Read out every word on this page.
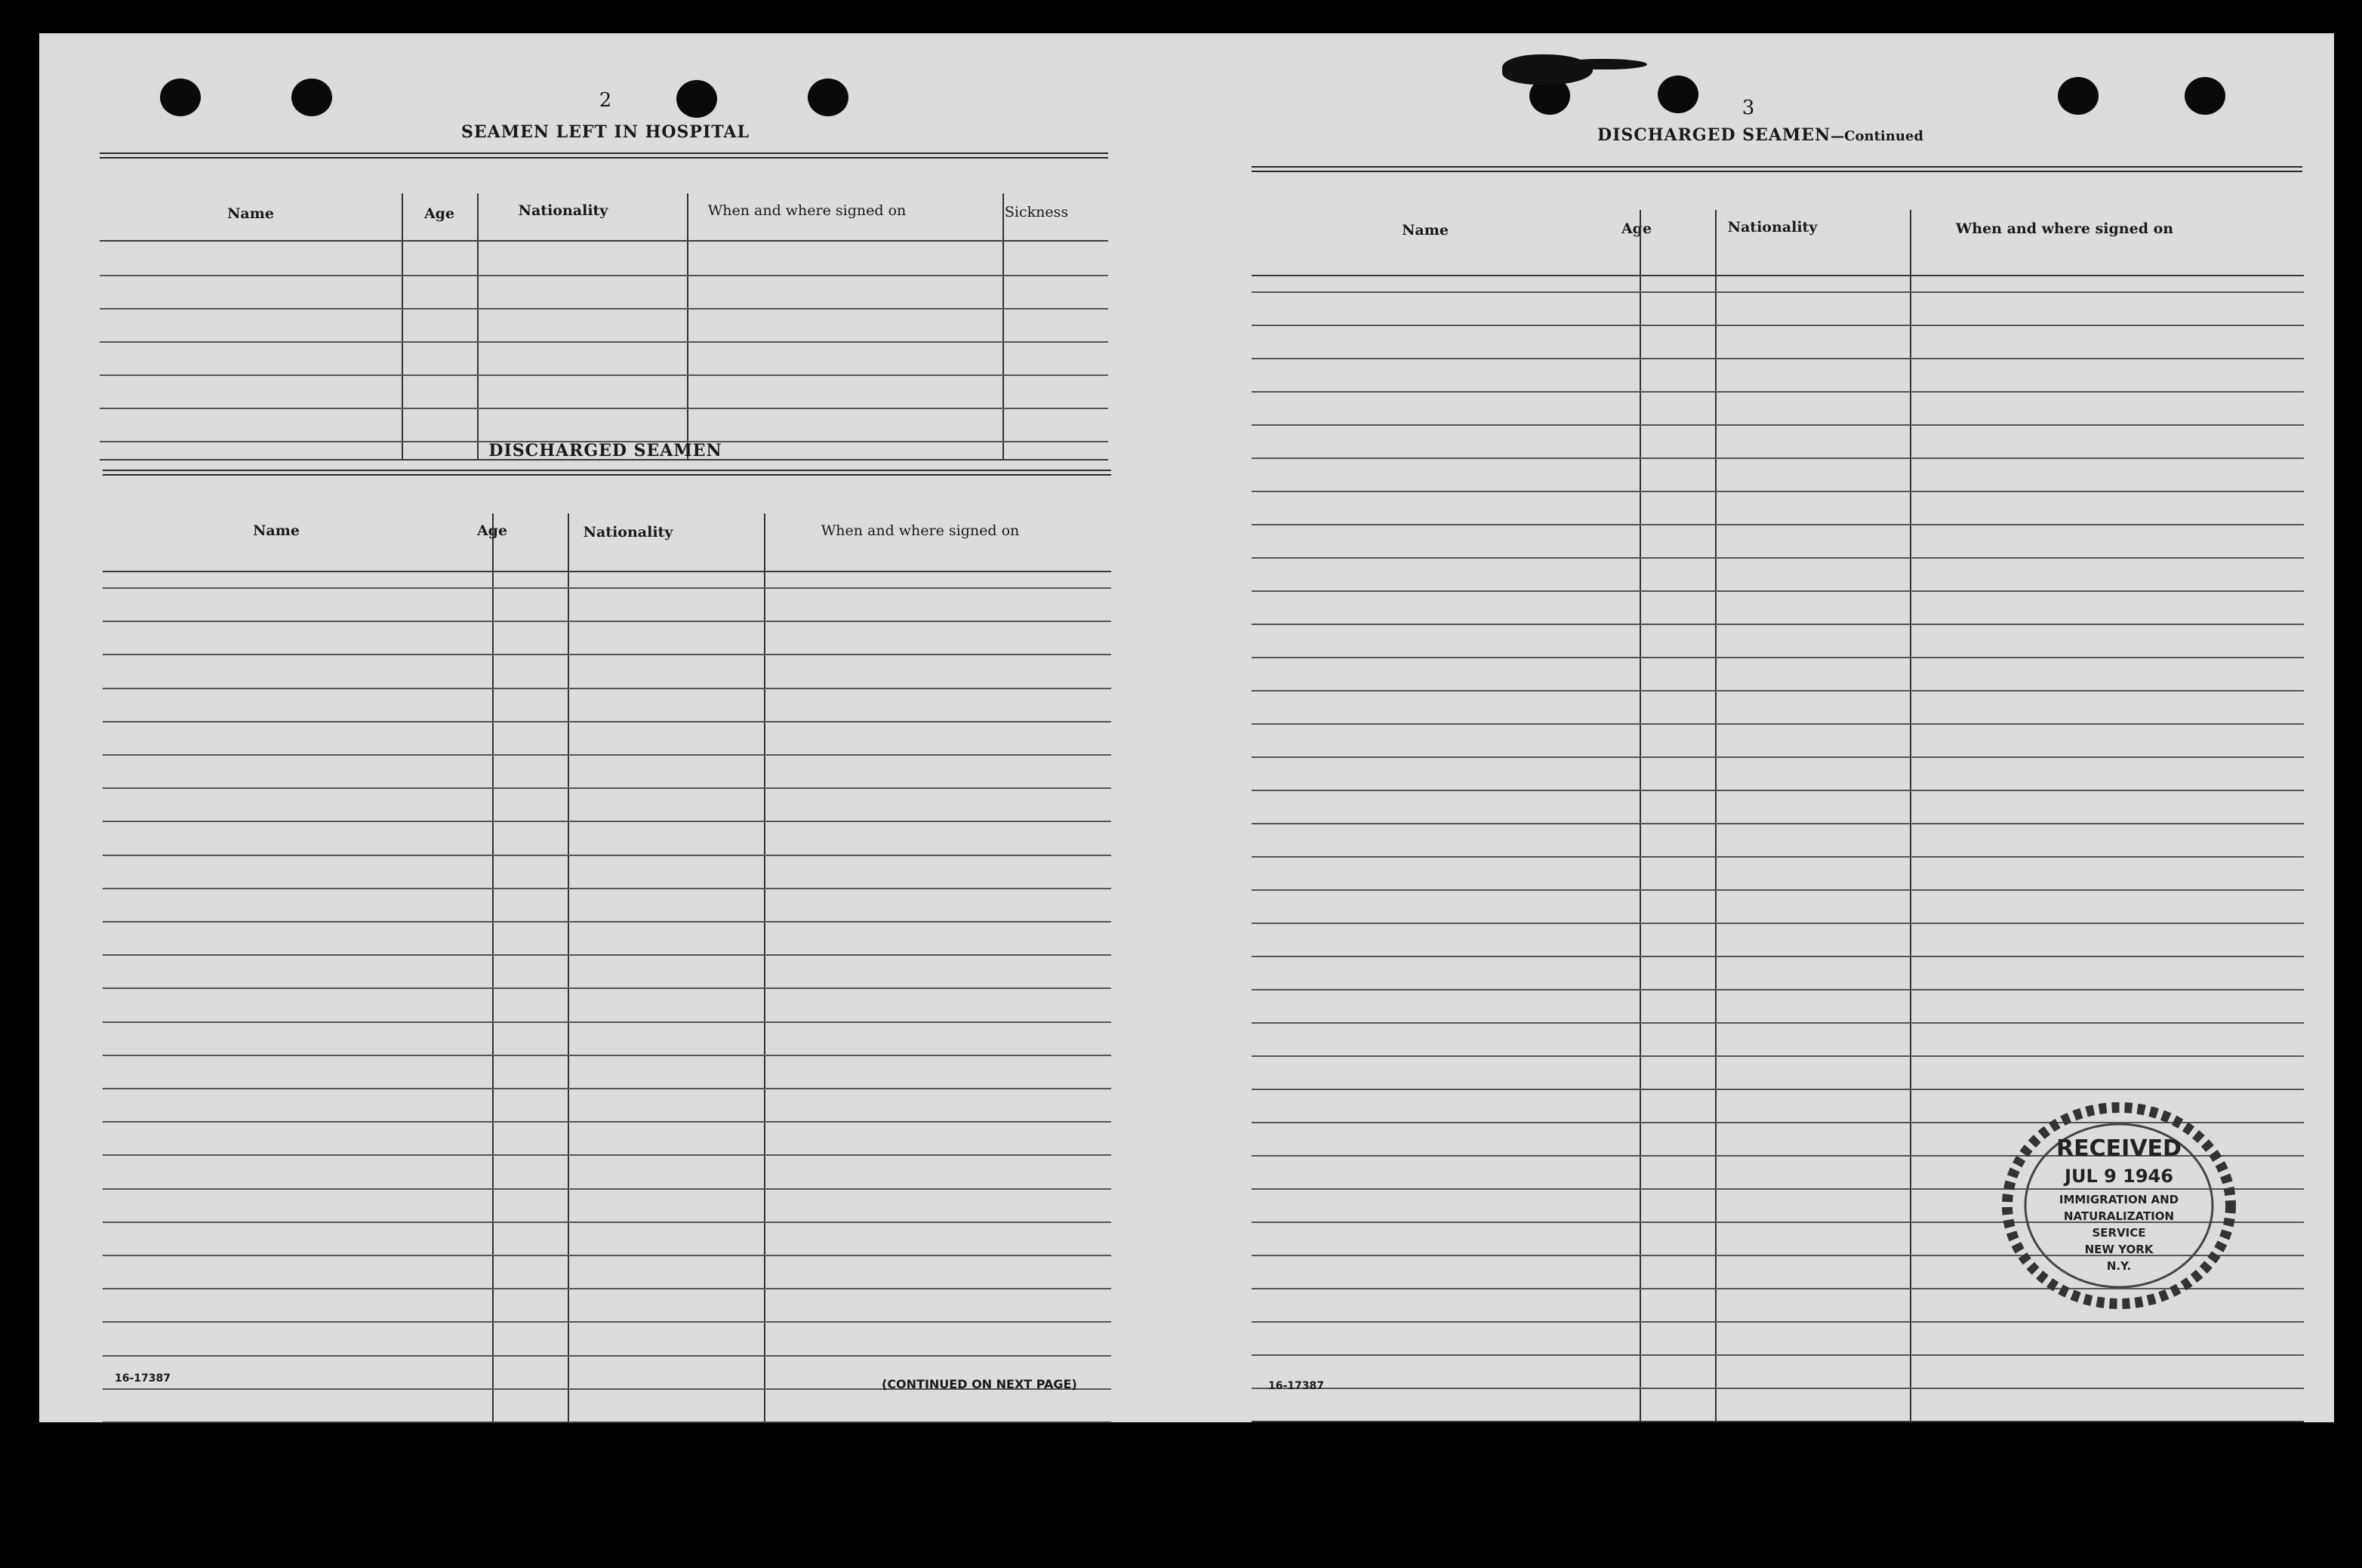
2
SEAMEN LEFT IN HOSPITAL
Name	Age	Nationality	When and where signed on	Sickness
DISCHARGED SEAMEN
Name	Age	Nationality	When and where signed on
16-17387	(CONTINUED ON NEXT PAGE)
3
DISCHARGED SEAMEN—Continued
Name	Age	Nationality	When and where signed on
16-17387
RECEIVED
JUL 9 1946
IMMIGRATION AND
NATURALIZATION
SERVICE
NEW YORK
N.Y.
